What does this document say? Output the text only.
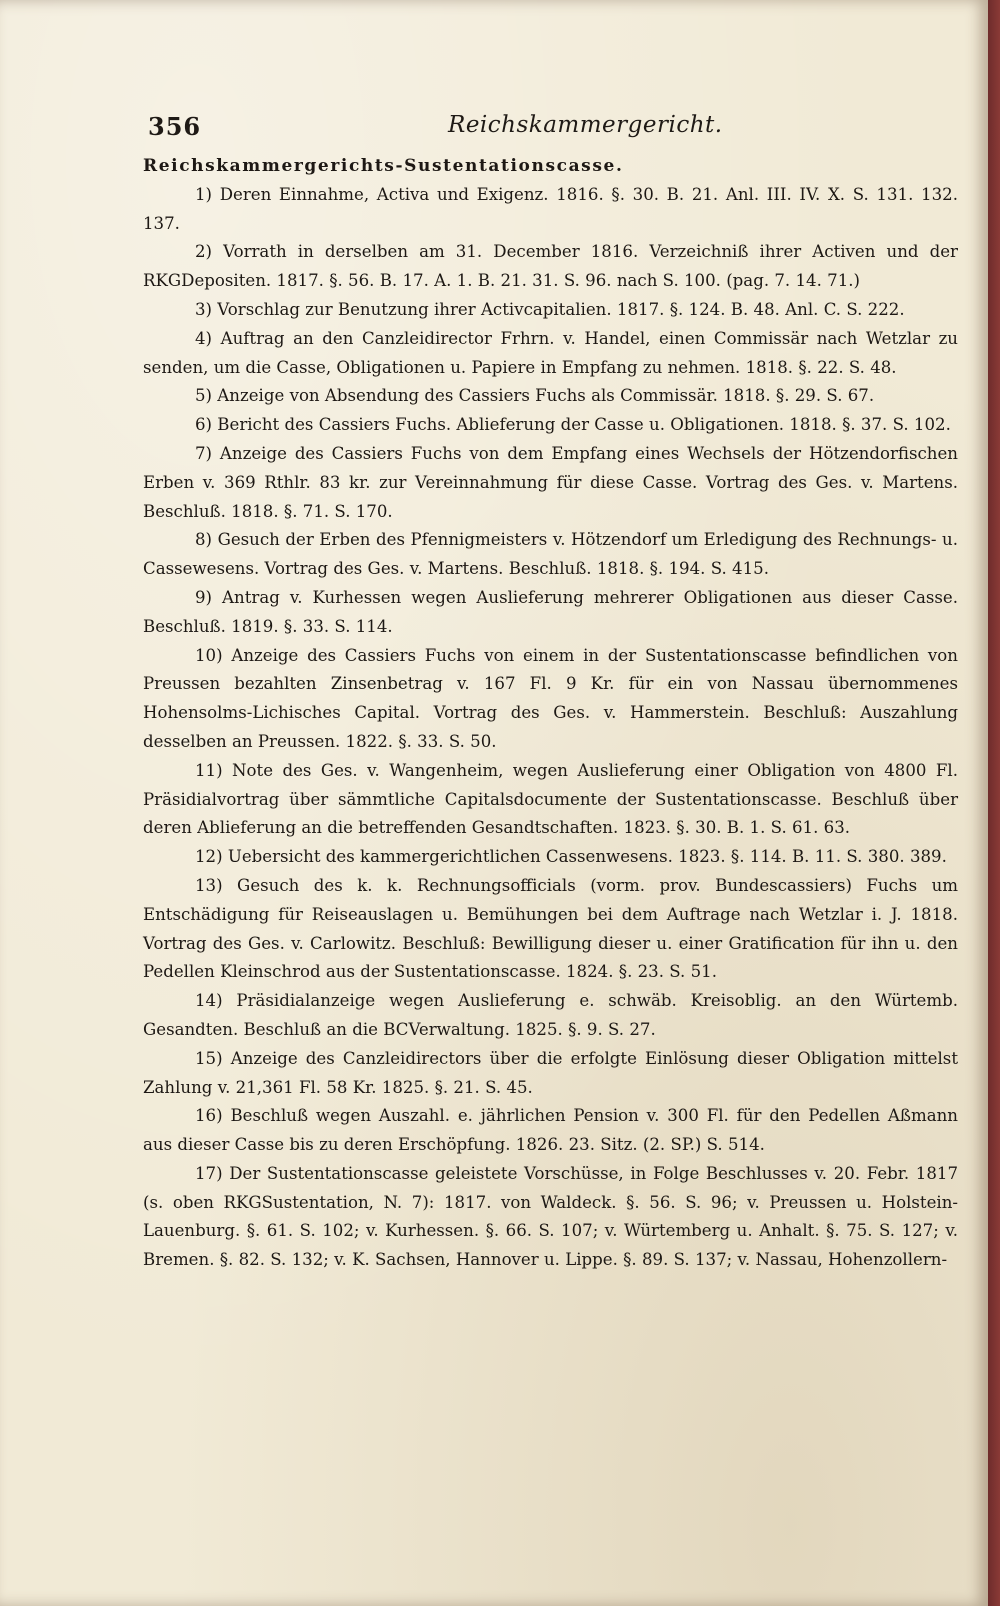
356	Reichskammergericht.

Reichskammergerichts-Sustentationscasse.

1) Deren Einnahme, Activa und Exigenz. 1816. §. 30. B. 21. Anl. III. IV. X. S. 131. 132. 137.

2) Vorrath in derselben am 31. December 1816. Verzeichniß ihrer Activen und der RKGDepositen. 1817. §. 56. B. 17. A. 1. B. 21. 31. S. 96. nach S. 100. (pag. 7. 14. 71.)

3) Vorschlag zur Benutzung ihrer Activcapitalien. 1817. §. 124. B. 48. Anl. C. S. 222.

4) Auftrag an den Canzleidirector Frhrn. v. Handel, einen Commissär nach Wetzlar zu senden, um die Casse, Obligationen u. Papiere in Empfang zu nehmen. 1818. §. 22. S. 48.

5) Anzeige von Absendung des Cassiers Fuchs als Commissär. 1818. §. 29. S. 67.

6) Bericht des Cassiers Fuchs. Ablieferung der Casse u. Obligationen. 1818. §. 37. S. 102.

7) Anzeige des Cassiers Fuchs von dem Empfang eines Wechsels der Hötzendorfischen Erben v. 369 Rthlr. 83 kr. zur Vereinnahmung für diese Casse. Vortrag des Ges. v. Martens. Beschluß. 1818. §. 71. S. 170.

8) Gesuch der Erben des Pfennigmeisters v. Hötzendorf um Erledigung des Rechnungs- u. Cassewesens. Vortrag des Ges. v. Martens. Beschluß. 1818. §. 194. S. 415.

9) Antrag v. Kurhessen wegen Auslieferung mehrerer Obligationen aus dieser Casse. Beschluß. 1819. §. 33. S. 114.

10) Anzeige des Cassiers Fuchs von einem in der Sustentationscasse befindlichen von Preussen bezahlten Zinsenbetrag v. 167 Fl. 9 Kr. für ein von Nassau übernommenes Hohensolms-Lichisches Capital. Vortrag des Ges. v. Hammerstein. Beschluß: Auszahlung desselben an Preussen. 1822. §. 33. S. 50.

11) Note des Ges. v. Wangenheim, wegen Auslieferung einer Obligation von 4800 Fl. Präsidialvortrag über sämmtliche Capitalsdocumente der Sustentationscasse. Beschluß über deren Ablieferung an die betreffenden Gesandtschaften. 1823. §. 30. B. 1. S. 61. 63.

12) Uebersicht des kammergerichtlichen Cassenwesens. 1823. §. 114. B. 11. S. 380. 389.

13) Gesuch des k. k. Rechnungsofficials (vorm. prov. Bundescassiers) Fuchs um Entschädigung für Reiseauslagen u. Bemühungen bei dem Auftrage nach Wetzlar i. J. 1818. Vortrag des Ges. v. Carlowitz. Beschluß: Bewilligung dieser u. einer Gratification für ihn u. den Pedellen Kleinschrod aus der Sustentationscasse. 1824. §. 23. S. 51.

14) Präsidialanzeige wegen Auslieferung e. schwäb. Kreisoblig. an den Würtemb. Gesandten. Beschluß an die BCVerwaltung. 1825. §. 9. S. 27.

15) Anzeige des Canzleidirectors über die erfolgte Einlösung dieser Obligation mittelst Zahlung v. 21,361 Fl. 58 Kr. 1825. §. 21. S. 45.

16) Beschluß wegen Auszahl. e. jährlichen Pension v. 300 Fl. für den Pedellen Aßmann aus dieser Casse bis zu deren Erschöpfung. 1826. 23. Sitz. (2. SP.) S. 514.

17) Der Sustentationscasse geleistete Vorschüsse, in Folge Beschlusses v. 20. Febr. 1817 (s. oben RKGSustentation, N. 7): 1817. von Waldeck. §. 56. S. 96; v. Preussen u. Holstein-Lauenburg. §. 61. S. 102; v. Kurhessen. §. 66. S. 107; v. Würtemberg u. Anhalt. §. 75. S. 127; v. Bremen. §. 82. S. 132; v. K. Sachsen, Hannover u. Lippe. §. 89. S. 137; v. Nassau, Hohenzollern-
